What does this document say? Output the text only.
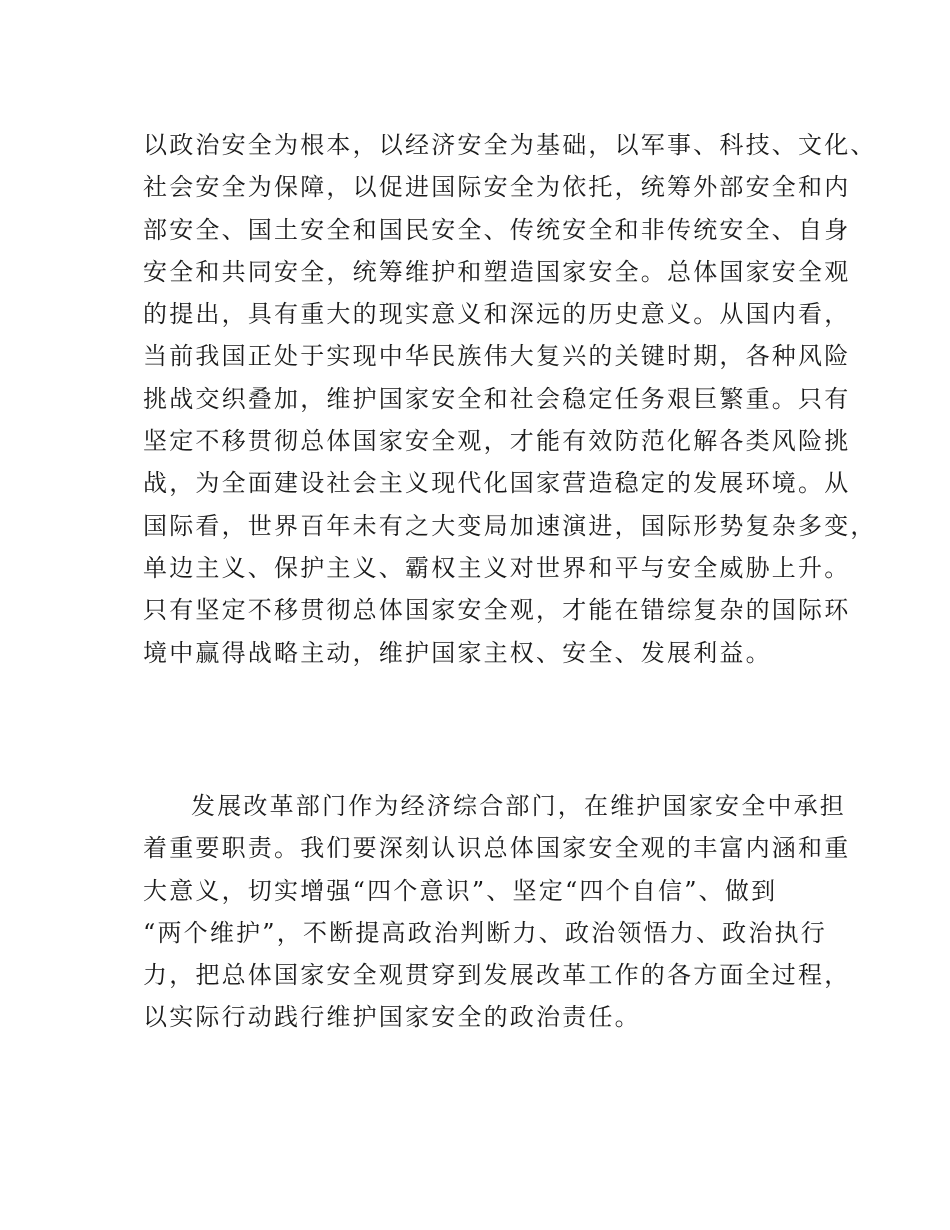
以政治安全为根本，以经济安全为基础，以军事、科技、文化、
社会安全为保障，以促进国际安全为依托，统筹外部安全和内
部安全、国土安全和国民安全、传统安全和非传统安全、自身
安全和共同安全，统筹维护和塑造国家安全。总体国家安全观
的提出，具有重大的现实意义和深远的历史意义。从国内看，
当前我国正处于实现中华民族伟大复兴的关键时期，各种风险
挑战交织叠加，维护国家安全和社会稳定任务艰巨繁重。只有
坚定不移贯彻总体国家安全观，才能有效防范化解各类风险挑
战，为全面建设社会主义现代化国家营造稳定的发展环境。从
国际看，世界百年未有之大变局加速演进，国际形势复杂多变，
单边主义、保护主义、霸权主义对世界和平与安全威胁上升。
只有坚定不移贯彻总体国家安全观，才能在错综复杂的国际环
境中赢得战略主动，维护国家主权、安全、发展利益。
发展改革部门作为经济综合部门，在维护国家安全中承担
着重要职责。我们要深刻认识总体国家安全观的丰富内涵和重
大意义，切实增强“四个意识”、坚定“四个自信”、做到
“两个维护”，不断提高政治判断力、政治领悟力、政治执行
力，把总体国家安全观贯穿到发展改革工作的各方面全过程，
以实际行动践行维护国家安全的政治责任。
